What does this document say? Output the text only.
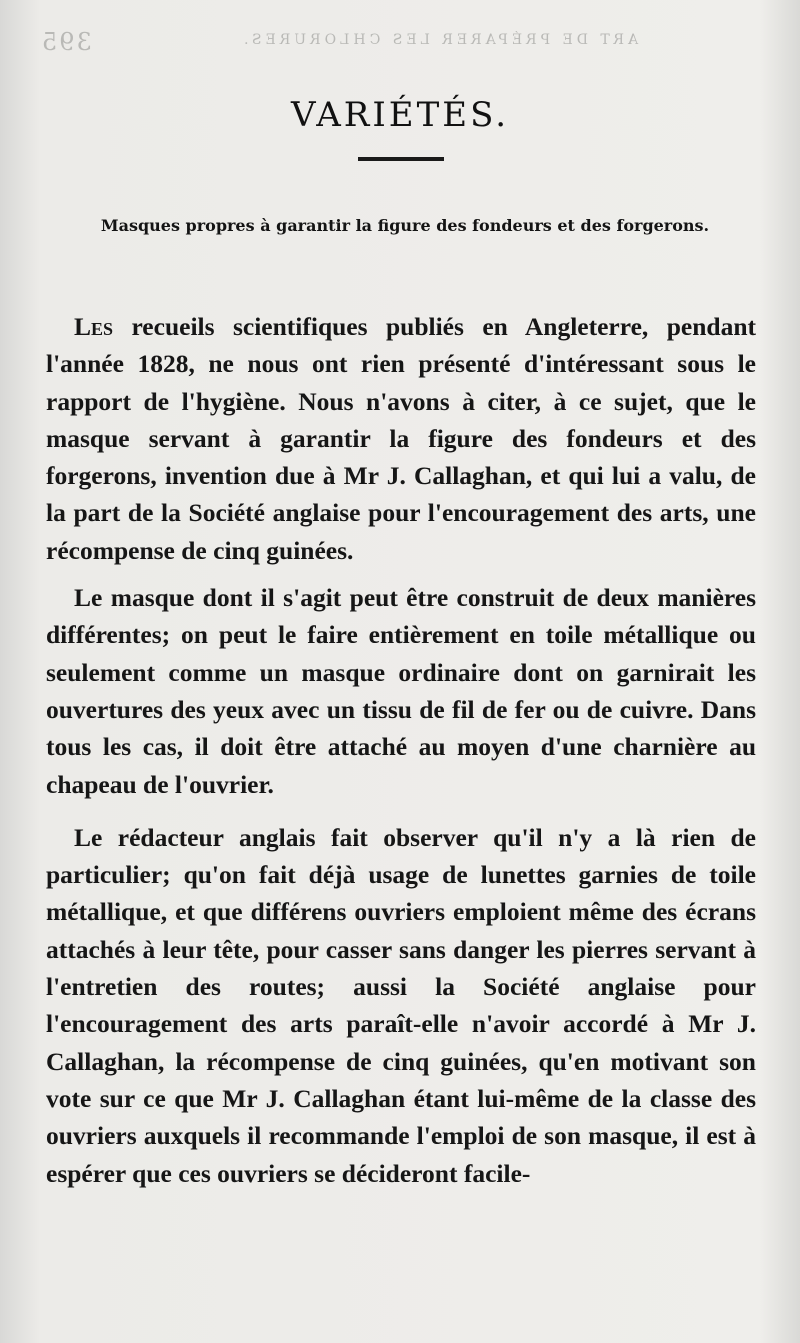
395	ART DE PRÉPARER LES CHLORURES.
VARIÉTÉS.
Masques propres à garantir la figure des fondeurs et des forgerons.

Les recueils scientifiques publiés en Angleterre, pendant l'année 1828, ne nous ont rien présenté d'intéressant sous le rapport de l'hygiène. Nous n'avons à citer, à ce sujet, que le masque servant à garantir la figure des fondeurs et des forgerons, invention due à Mr J. Callaghan, et qui lui a valu, de la part de la Société anglaise pour l'encouragement des arts, une récompense de cinq guinées.

Le masque dont il s'agit peut être construit de deux manières différentes; on peut le faire entièrement en toile métallique ou seulement comme un masque ordinaire dont on garnirait les ouvertures des yeux avec un tissu de fil de fer ou de cuivre. Dans tous les cas, il doit être attaché au moyen d'une charnière au chapeau de l'ouvrier.

Le rédacteur anglais fait observer qu'il n'y a là rien de particulier; qu'on fait déjà usage de lunettes garnies de toile métallique, et que différens ouvriers emploient même des écrans attachés à leur tête, pour casser sans danger les pierres servant à l'entretien des routes; aussi la Société anglaise pour l'encouragement des arts paraît-elle n'avoir accordé à Mr J. Callaghan, la récompense de cinq guinées, qu'en motivant son vote sur ce que Mr J. Callaghan étant lui-même de la classe des ouvriers auxquels il recommande l'emploi de son masque, il est à espérer que ces ouvriers se décideront facile-
